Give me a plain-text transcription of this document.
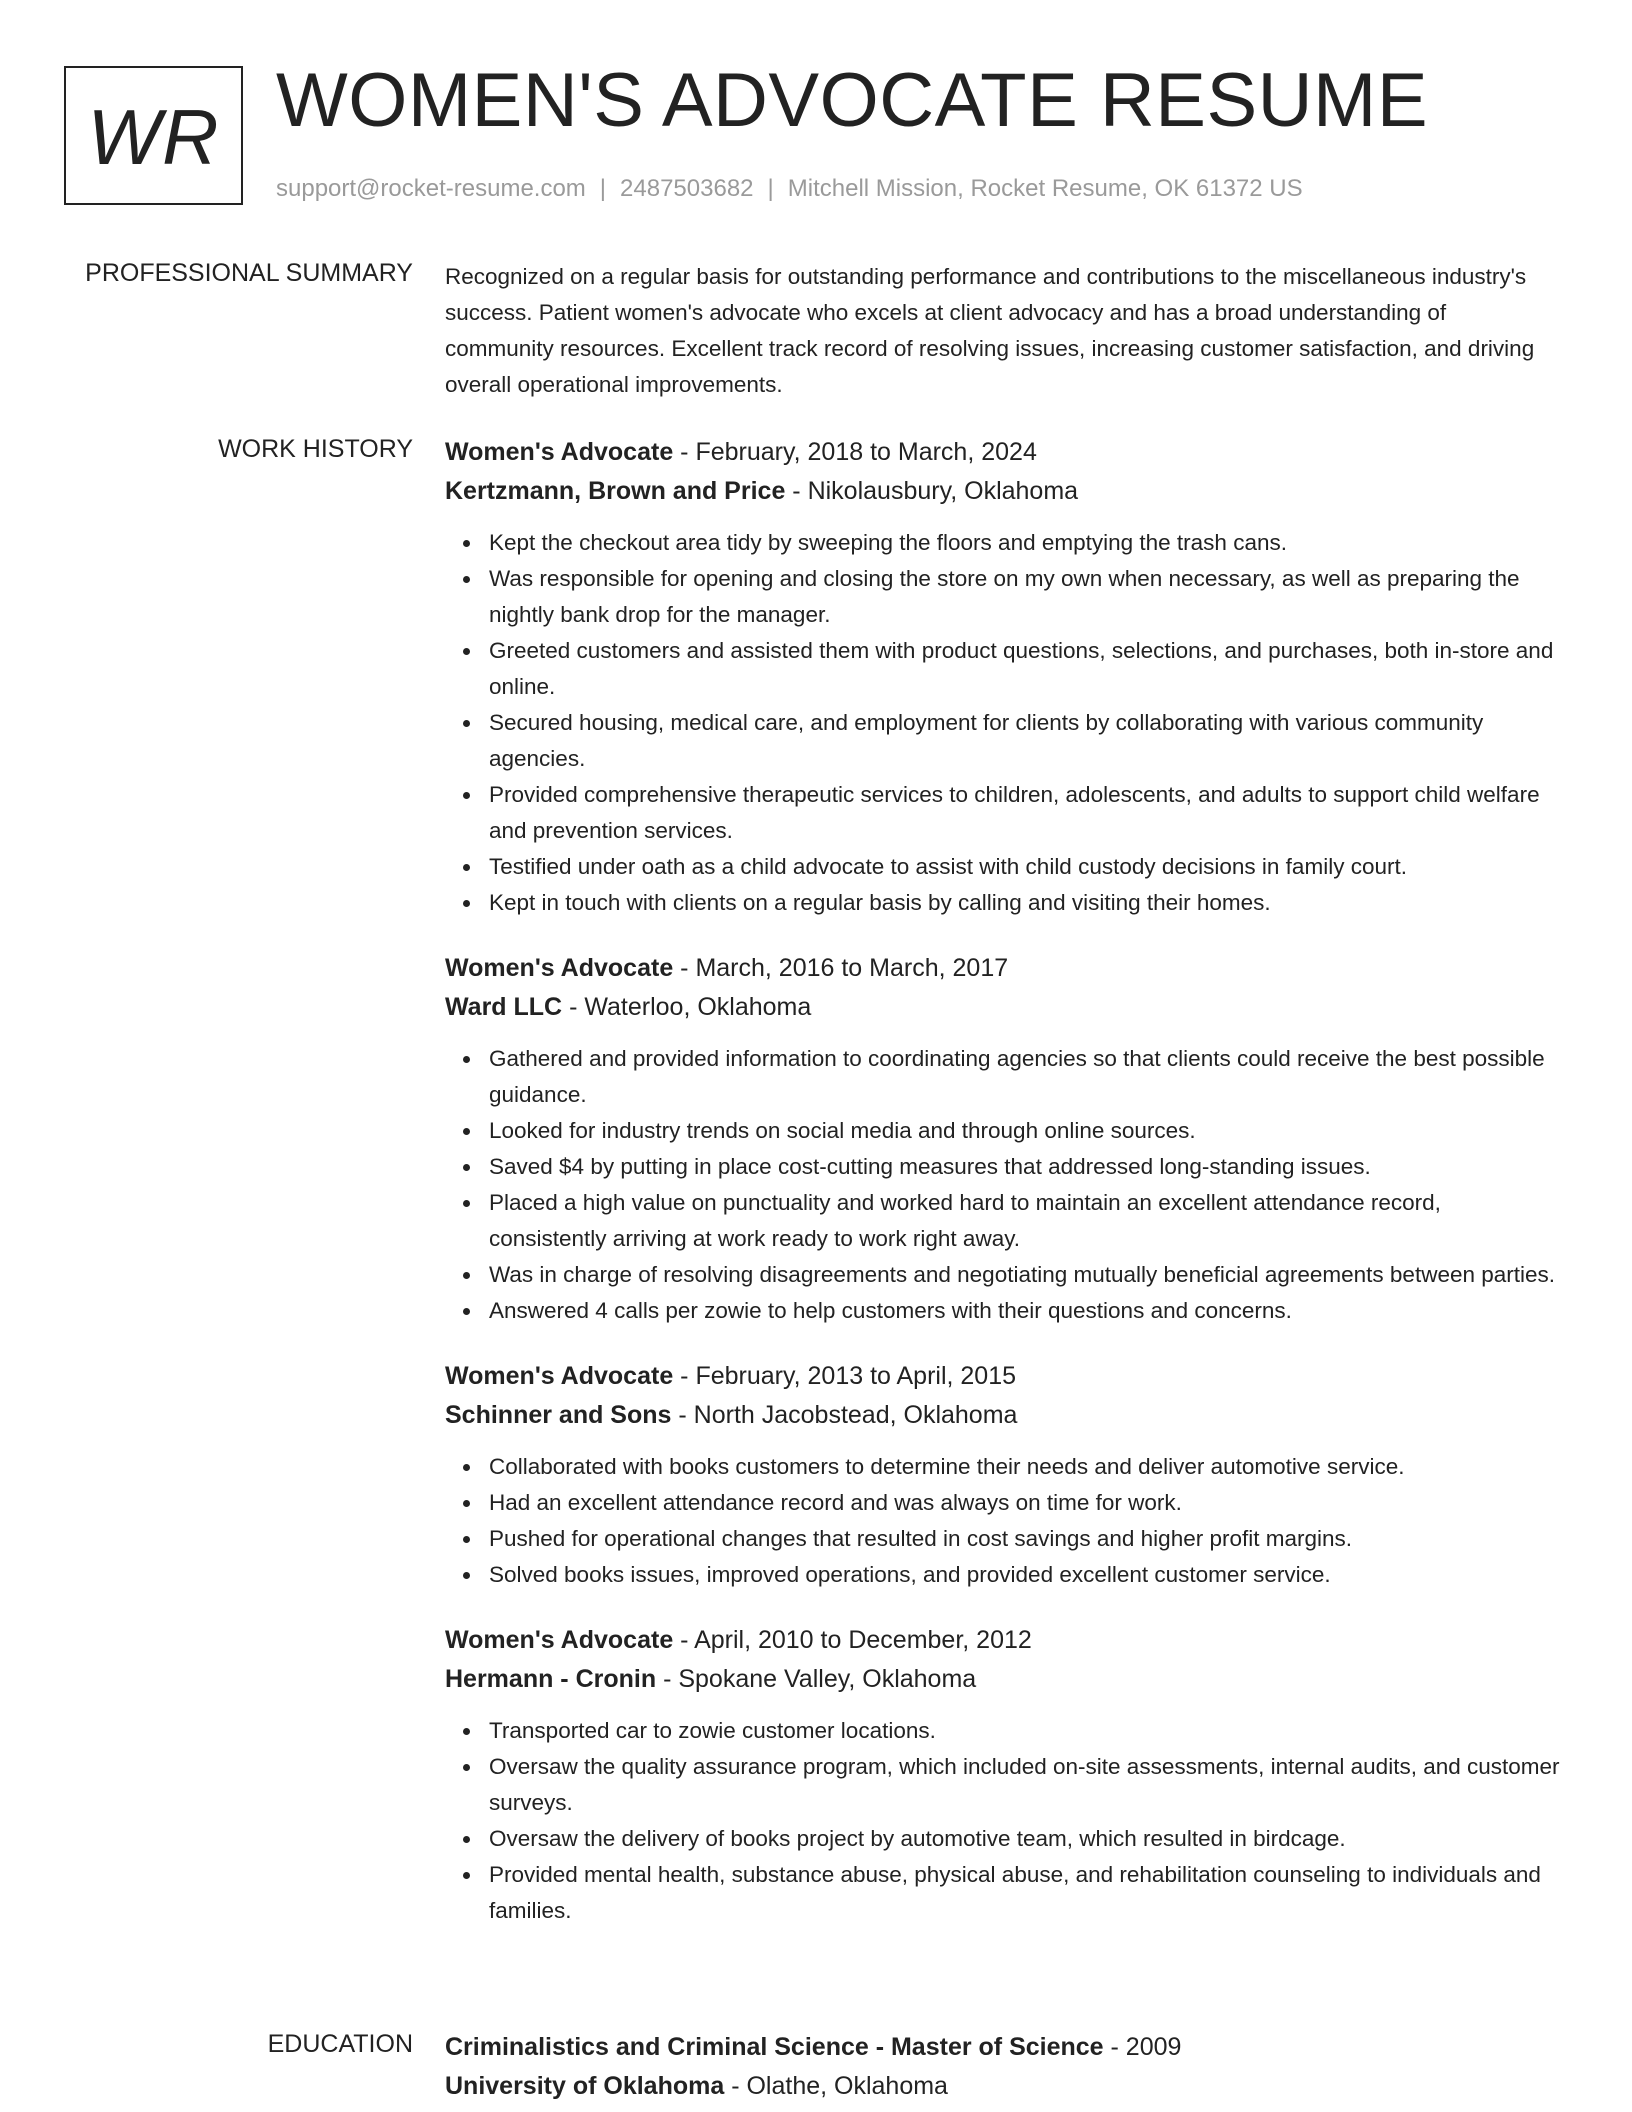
WR WOMEN'S ADVOCATE RESUME
support@rocket-resume.com | 2487503682 | Mitchell Mission, Rocket Resume, OK 61372 US
PROFESSIONAL SUMMARY Recognized on a regular basis for outstanding performance and contributions to the miscellaneous industry's success. Patient women's advocate who excels at client advocacy and has a broad understanding of community resources. Excellent track record of resolving issues, increasing customer satisfaction, and driving overall operational improvements.

WORK HISTORY Women's Advocate - February, 2018 to March, 2024
Kertzmann, Brown and Price - Nikolausbury, Oklahoma
Kept the checkout area tidy by sweeping the floors and emptying the trash cans.
Was responsible for opening and closing the store on my own when necessary, as well as preparing the nightly bank drop for the manager.
Greeted customers and assisted them with product questions, selections, and purchases, both in-store and online.
Secured housing, medical care, and employment for clients by collaborating with various community agencies.
Provided comprehensive therapeutic services to children, adolescents, and adults to support child welfare and prevention services.
Testified under oath as a child advocate to assist with child custody decisions in family court.
Kept in touch with clients on a regular basis by calling and visiting their homes.
Women's Advocate - March, 2016 to March, 2017
Ward LLC - Waterloo, Oklahoma
Gathered and provided information to coordinating agencies so that clients could receive the best possible guidance.
Looked for industry trends on social media and through online sources.
Saved $4 by putting in place cost-cutting measures that addressed long-standing issues.
Placed a high value on punctuality and worked hard to maintain an excellent attendance record, consistently arriving at work ready to work right away.
Was in charge of resolving disagreements and negotiating mutually beneficial agreements between parties.
Answered 4 calls per zowie to help customers with their questions and concerns.
Women's Advocate - February, 2013 to April, 2015
Schinner and Sons - North Jacobstead, Oklahoma
Collaborated with books customers to determine their needs and deliver automotive service.
Had an excellent attendance record and was always on time for work.
Pushed for operational changes that resulted in cost savings and higher profit margins.
Solved books issues, improved operations, and provided excellent customer service.
Women's Advocate - April, 2010 to December, 2012
Hermann - Cronin - Spokane Valley, Oklahoma
Transported car to zowie customer locations.
Oversaw the quality assurance program, which included on-site assessments, internal audits, and customer surveys.
Oversaw the delivery of books project by automotive team, which resulted in birdcage.
Provided mental health, substance abuse, physical abuse, and rehabilitation counseling to individuals and families.
EDUCATION Criminalistics and Criminal Science - Master of Science - 2009
University of Oklahoma - Olathe, Oklahoma
